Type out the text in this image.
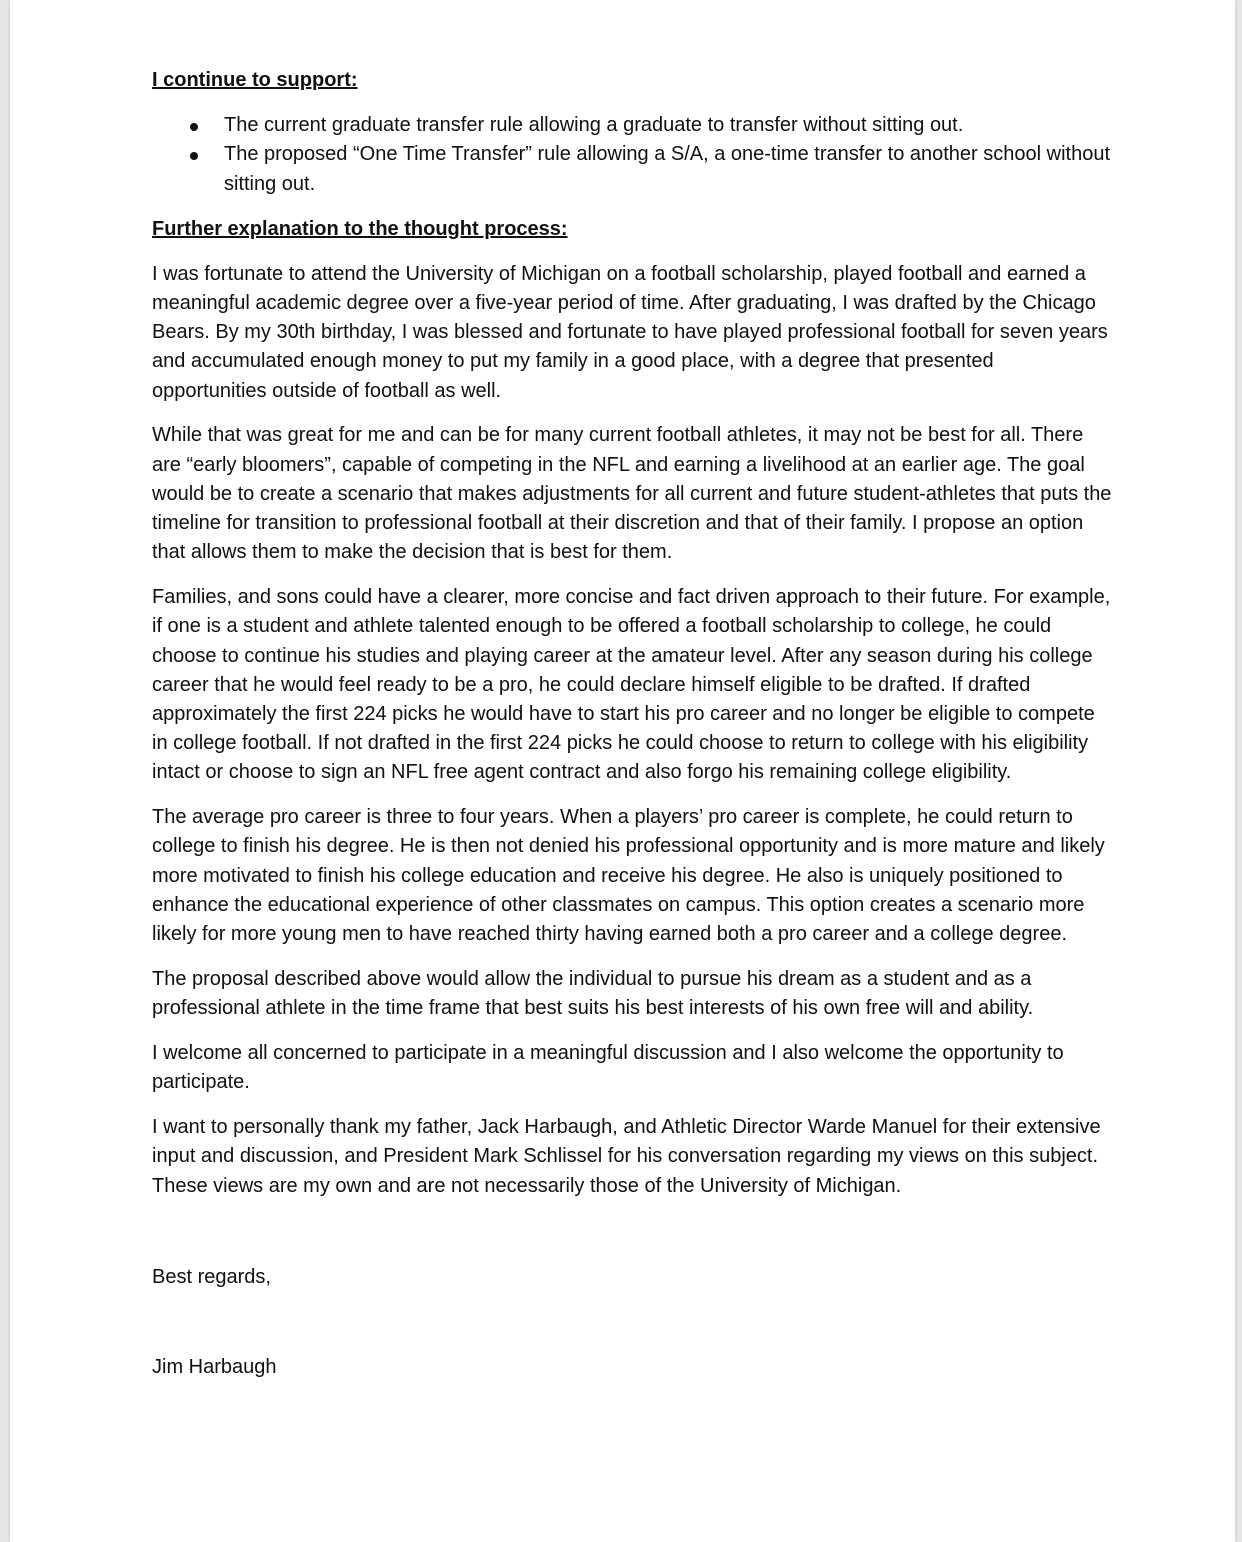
I continue to support:

The current graduate transfer rule allowing a graduate to transfer without sitting out.
The proposed “One Time Transfer” rule allowing a S/A, a one-time transfer to another school without sitting out.

Further explanation to the thought process:

I was fortunate to attend the University of Michigan on a football scholarship, played football and earned a meaningful academic degree over a five-year period of time. After graduating, I was drafted by the Chicago Bears. By my 30th birthday, I was blessed and fortunate to have played professional football for seven years and accumulated enough money to put my family in a good place, with a degree that presented opportunities outside of football as well.

While that was great for me and can be for many current football athletes, it may not be best for all. There are “early bloomers”, capable of competing in the NFL and earning a livelihood at an earlier age. The goal would be to create a scenario that makes adjustments for all current and future student-athletes that puts the timeline for transition to professional football at their discretion and that of their family. I propose an option that allows them to make the decision that is best for them.

Families, and sons could have a clearer, more concise and fact driven approach to their future. For example, if one is a student and athlete talented enough to be offered a football scholarship to college, he could choose to continue his studies and playing career at the amateur level. After any season during his college career that he would feel ready to be a pro, he could declare himself eligible to be drafted. If drafted approximately the first 224 picks he would have to start his pro career and no longer be eligible to compete in college football. If not drafted in the first 224 picks he could choose to return to college with his eligibility intact or choose to sign an NFL free agent contract and also forgo his remaining college eligibility.

The average pro career is three to four years. When a players’ pro career is complete, he could return to college to finish his degree. He is then not denied his professional opportunity and is more mature and likely more motivated to finish his college education and receive his degree. He also is uniquely positioned to enhance the educational experience of other classmates on campus. This option creates a scenario more likely for more young men to have reached thirty having earned both a pro career and a college degree.

The proposal described above would allow the individual to pursue his dream as a student and as a professional athlete in the time frame that best suits his best interests of his own free will and ability.

I welcome all concerned to participate in a meaningful discussion and I also welcome the opportunity to participate.

I want to personally thank my father, Jack Harbaugh, and Athletic Director Warde Manuel for their extensive input and discussion, and President Mark Schlissel for his conversation regarding my views on this subject. These views are my own and are not necessarily those of the University of Michigan.

Best regards,

Jim Harbaugh
